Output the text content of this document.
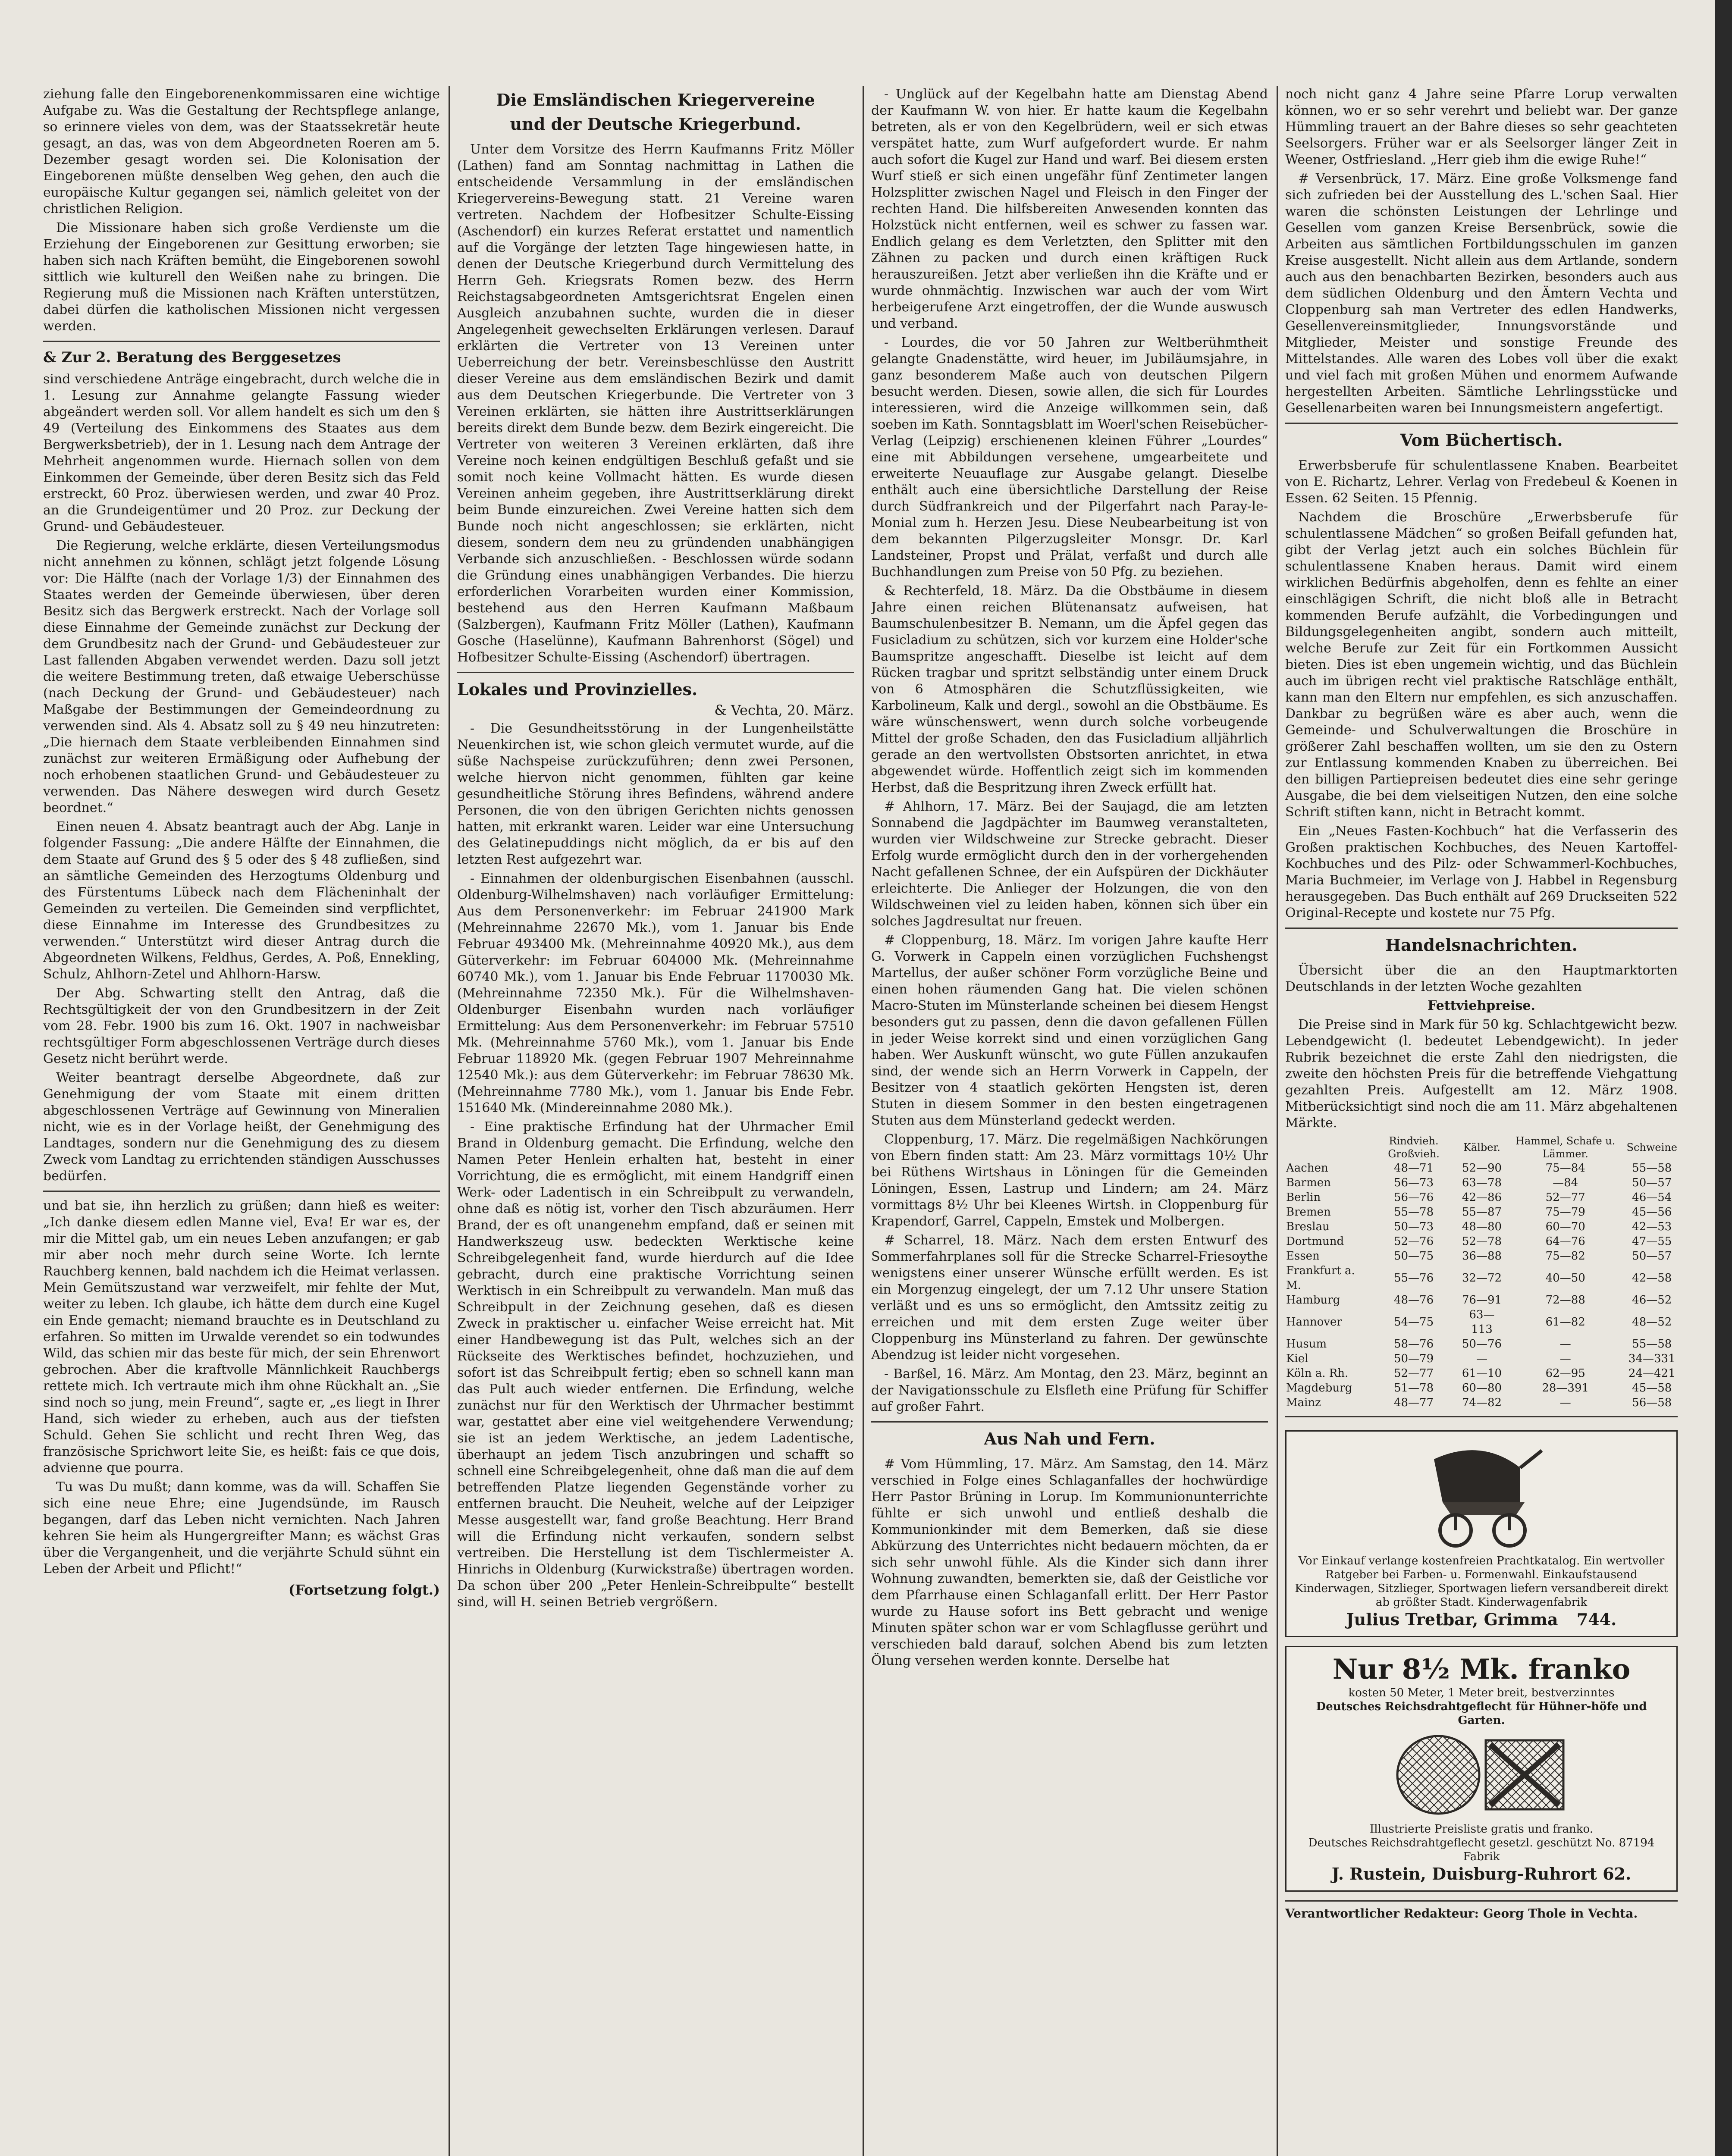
ziehung falle den Eingeborenenkommissaren eine wichtige Aufgabe zu. Was die Gestaltung der Rechtspflege anlange, so erinnere vieles von dem, was der Staatssekretär heute gesagt, an das, was von dem Abgeordneten Roeren am 5. Dezember gesagt worden sei. Die Kolonisation der Eingeborenen müßte denselben Weg gehen, den auch die europäische Kultur gegangen sei, nämlich geleitet von der christlichen Religion.

Die Missionare haben sich große Verdienste um die Erziehung der Eingeborenen zur Gesittung erworben; sie haben sich nach Kräften bemüht, die Eingeborenen sowohl sittlich wie kulturell den Weißen nahe zu bringen. Die Regierung muß die Missionen nach Kräften unterstützen, dabei dürfen die katholischen Missionen nicht vergessen werden.

& Zur 2. Beratung des Berggesetzes

sind verschiedene Anträge eingebracht, durch welche die in 1. Lesung zur Annahme gelangte Fassung wieder abgeändert werden soll. Vor allem handelt es sich um den § 49 (Verteilung des Einkommens des Staates aus dem Bergwerksbetrieb), der in 1. Lesung nach dem Antrage der Mehrheit angenommen wurde. Hiernach sollen von dem Einkommen der Gemeinde, über deren Besitz sich das Feld erstreckt, 60 Proz. überwiesen werden, und zwar 40 Proz. an die Grundeigentümer und 20 Proz. zur Deckung der Grund- und Gebäudesteuer.

Die Regierung, welche erklärte, diesen Verteilungsmodus nicht annehmen zu können, schlägt jetzt folgende Lösung vor: Die Hälfte (nach der Vorlage 1/3) der Einnahmen des Staates werden der Gemeinde überwiesen, über deren Besitz sich das Bergwerk erstreckt. Nach der Vorlage soll diese Einnahme der Gemeinde zunächst zur Deckung der dem Grundbesitz nach der Grund- und Gebäudesteuer zur Last fallenden Abgaben verwendet werden. Dazu soll jetzt die weitere Bestimmung treten, daß etwaige Ueberschüsse (nach Deckung der Grund- und Gebäudesteuer) nach Maßgabe der Bestimmungen der Gemeindeordnung zu verwenden sind. Als 4. Absatz soll zu § 49 neu hinzutreten: „Die hiernach dem Staate verbleibenden Einnahmen sind zunächst zur weiteren Ermäßigung oder Aufhebung der noch erhobenen staatlichen Grund- und Gebäudesteuer zu verwenden. Das Nähere deswegen wird durch Gesetz beordnet.“

Einen neuen 4. Absatz beantragt auch der Abg. Lanje in folgender Fassung: „Die andere Hälfte der Einnahmen, die dem Staate auf Grund des § 5 oder des § 48 zufließen, sind an sämtliche Gemeinden des Herzogtums Oldenburg und des Fürstentums Lübeck nach dem Flächeninhalt der Gemeinden zu verteilen. Die Gemeinden sind verpflichtet, diese Einnahme im Interesse des Grundbesitzes zu verwenden.“ Unterstützt wird dieser Antrag durch die Abgeordneten Wilkens, Feldhus, Gerdes, A. Poß, Ennekling, Schulz, Ahlhorn-Zetel und Ahlhorn-Harsw.

Der Abg. Schwarting stellt den Antrag, daß die Rechtsgültigkeit der von den Grundbesitzern in der Zeit vom 28. Febr. 1900 bis zum 16. Okt. 1907 in nachweisbar rechtsgültiger Form abgeschlossenen Verträge durch dieses Gesetz nicht berührt werde.

Weiter beantragt derselbe Abgeordnete, daß zur Genehmigung der vom Staate mit einem dritten abgeschlossenen Verträge auf Gewinnung von Mineralien nicht, wie es in der Vorlage heißt, der Genehmigung des Landtages, sondern nur die Genehmigung des zu diesem Zweck vom Landtag zu errichtenden ständigen Ausschusses bedürfen.

und bat sie, ihn herzlich zu grüßen; dann hieß es weiter: „Ich danke diesem edlen Manne viel, Eva! Er war es, der mir die Mittel gab, um ein neues Leben anzufangen; er gab mir aber noch mehr durch seine Worte. Ich lernte Rauchberg kennen, bald nachdem ich die Heimat verlassen. Mein Gemütszustand war verzweifelt, mir fehlte der Mut, weiter zu leben. Ich glaube, ich hätte dem durch eine Kugel ein Ende gemacht; niemand brauchte es in Deutschland zu erfahren. So mitten im Urwalde verendet so ein todwundes Wild, das schien mir das beste für mich, der sein Ehrenwort gebrochen. Aber die kraftvolle Männlichkeit Rauchbergs rettete mich. Ich vertraute mich ihm ohne Rückhalt an. „Sie sind noch so jung, mein Freund“, sagte er, „es liegt in Ihrer Hand, sich wieder zu erheben, auch aus der tiefsten Schuld. Gehen Sie schlicht und recht Ihren Weg, das französische Sprichwort leite Sie, es heißt: fais ce que dois, advienne que pourra.

Tu was Du mußt; dann komme, was da will. Schaffen Sie sich eine neue Ehre; eine Jugendsünde, im Rausch begangen, darf das Leben nicht vernichten. Nach Jahren kehren Sie heim als Hungergreifter Mann; es wächst Gras über die Vergangenheit, und die verjährte Schuld sühnt ein Leben der Arbeit und Pflicht!“

(Fortsetzung folgt.)
Die Emsländischen Kriegervereine
und der Deutsche Kriegerbund.

Unter dem Vorsitze des Herrn Kaufmanns Fritz Möller (Lathen) fand am Sonntag nachmittag in Lathen die entscheidende Versammlung in der emsländischen Kriegervereins-Bewegung statt. 21 Vereine waren vertreten. Nachdem der Hofbesitzer Schulte-Eissing (Aschendorf) ein kurzes Referat erstattet und namentlich auf die Vorgänge der letzten Tage hingewiesen hatte, in denen der Deutsche Kriegerbund durch Vermittelung des Herrn Geh. Kriegsrats Romen bezw. des Herrn Reichstagsabgeordneten Amtsgerichtsrat Engelen einen Ausgleich anzubahnen suchte, wurden die in dieser Angelegenheit gewechselten Erklärungen verlesen. Darauf erklärten die Vertreter von 13 Vereinen unter Ueberreichung der betr. Vereinsbeschlüsse den Austritt dieser Vereine aus dem emsländischen Bezirk und damit aus dem Deutschen Kriegerbunde. Die Vertreter von 3 Vereinen erklärten, sie hätten ihre Austrittserklärungen bereits direkt dem Bunde bezw. dem Bezirk eingereicht. Die Vertreter von weiteren 3 Vereinen erklärten, daß ihre Vereine noch keinen endgültigen Beschluß gefaßt und sie somit noch keine Vollmacht hätten. Es wurde diesen Vereinen anheim gegeben, ihre Austrittserklärung direkt beim Bunde einzureichen. Zwei Vereine hatten sich dem Bunde noch nicht angeschlossen; sie erklärten, nicht diesem, sondern dem neu zu gründenden unabhängigen Verbande sich anzuschließen. - Beschlossen würde sodann die Gründung eines unabhängigen Verbandes. Die hierzu erforderlichen Vorarbeiten wurden einer Kommission, bestehend aus den Herren Kaufmann Maßbaum (Salzbergen), Kaufmann Fritz Möller (Lathen), Kaufmann Gosche (Haselünne), Kaufmann Bahrenhorst (Sögel) und Hofbesitzer Schulte-Eissing (Aschendorf) übertragen.

Lokales und Provinzielles.
& Vechta, 20. März.

- Die Gesundheitsstörung in der Lungenheilstätte Neuenkirchen ist, wie schon gleich vermutet wurde, auf die süße Nachspeise zurückzuführen; denn zwei Personen, welche hiervon nicht genommen, fühlten gar keine gesundheitliche Störung ihres Befindens, während andere Personen, die von den übrigen Gerichten nichts genossen hatten, mit erkrankt waren. Leider war eine Untersuchung des Gelatinepuddings nicht möglich, da er bis auf den letzten Rest aufgezehrt war.

- Einnahmen der oldenburgischen Eisenbahnen (ausschl. Oldenburg-Wilhelmshaven) nach vorläufiger Ermittelung: Aus dem Personenverkehr: im Februar 241900 Mark (Mehreinnahme 22670 Mk.), vom 1. Januar bis Ende Februar 493400 Mk. (Mehreinnahme 40920 Mk.), aus dem Güterverkehr: im Februar 604000 Mk. (Mehreinnahme 60740 Mk.), vom 1. Januar bis Ende Februar 1170030 Mk. (Mehreinnahme 72350 Mk.). Für die Wilhelmshaven-Oldenburger Eisenbahn wurden nach vorläufiger Ermittelung: Aus dem Personenverkehr: im Februar 57510 Mk. (Mehreinnahme 5760 Mk.), vom 1. Januar bis Ende Februar 118920 Mk. (gegen Februar 1907 Mehreinnahme 12540 Mk.): aus dem Güterverkehr: im Februar 78630 Mk. (Mehreinnahme 7780 Mk.), vom 1. Januar bis Ende Febr. 151640 Mk. (Mindereinnahme 2080 Mk.).

- Eine praktische Erfindung hat der Uhrmacher Emil Brand in Oldenburg gemacht. Die Erfindung, welche den Namen Peter Henlein erhalten hat, besteht in einer Vorrichtung, die es ermöglicht, mit einem Handgriff einen Werk- oder Ladentisch in ein Schreibpult zu verwandeln, ohne daß es nötig ist, vorher den Tisch abzuräumen. Herr Brand, der es oft unangenehm empfand, daß er seinen mit Handwerkszeug usw. bedeckten Werktische keine Schreibgelegenheit fand, wurde hierdurch auf die Idee gebracht, durch eine praktische Vorrichtung seinen Werktisch in ein Schreibpult zu verwandeln. Man muß das Schreibpult in der Zeichnung gesehen, daß es diesen Zweck in praktischer u. einfacher Weise erreicht hat. Mit einer Handbewegung ist das Pult, welches sich an der Rückseite des Werktisches befindet, hochzuziehen, und sofort ist das Schreibpult fertig; eben so schnell kann man das Pult auch wieder entfernen. Die Erfindung, welche zunächst nur für den Werktisch der Uhrmacher bestimmt war, gestattet aber eine viel weitgehendere Verwendung; sie ist an jedem Werktische, an jedem Ladentische, überhaupt an jedem Tisch anzubringen und schafft so schnell eine Schreibgelegenheit, ohne daß man die auf dem betreffenden Platze liegenden Gegenstände vorher zu entfernen braucht. Die Neuheit, welche auf der Leipziger Messe ausgestellt war, fand große Beachtung. Herr Brand will die Erfindung nicht verkaufen, sondern selbst vertreiben. Die Herstellung ist dem Tischlermeister A. Hinrichs in Oldenburg (Kurwickstraße) übertragen worden. Da schon über 200 „Peter Henlein-Schreibpulte“ bestellt sind, will H. seinen Betrieb vergrößern.

- Unglück auf der Kegelbahn hatte am Dienstag Abend der Kaufmann W. von hier. Er hatte kaum die Kegelbahn betreten, als er von den Kegelbrüdern, weil er sich etwas verspätet hatte, zum Wurf aufgefordert wurde. Er nahm auch sofort die Kugel zur Hand und warf. Bei diesem ersten Wurf stieß er sich einen ungefähr fünf Zentimeter langen Holzsplitter zwischen Nagel und Fleisch in den Finger der rechten Hand. Die hilfsbereiten Anwesenden konnten das Holzstück nicht entfernen, weil es schwer zu fassen war. Endlich gelang es dem Verletzten, den Splitter mit den Zähnen zu packen und durch einen kräftigen Ruck herauszureißen. Jetzt aber verließen ihn die Kräfte und er wurde ohnmächtig. Inzwischen war auch der vom Wirt herbeigerufene Arzt eingetroffen, der die Wunde auswusch und verband.

- Lourdes, die vor 50 Jahren zur Weltberühmtheit gelangte Gnadenstätte, wird heuer, im Jubiläumsjahre, in ganz besonderem Maße auch von deutschen Pilgern besucht werden. Diesen, sowie allen, die sich für Lourdes interessieren, wird die Anzeige willkommen sein, daß soeben im Kath. Sonntagsblatt im Woerl'schen Reisebücher-Verlag (Leipzig) erschienenen kleinen Führer „Lourdes“ eine mit Abbildungen versehene, umgearbeitete und erweiterte Neuauflage zur Ausgabe gelangt. Dieselbe enthält auch eine übersichtliche Darstellung der Reise durch Südfrankreich und der Pilgerfahrt nach Paray-le-Monial zum h. Herzen Jesu. Diese Neubearbeitung ist von dem bekannten Pilgerzugsleiter Monsgr. Dr. Karl Landsteiner, Propst und Prälat, verfaßt und durch alle Buchhandlungen zum Preise von 50 Pfg. zu beziehen.

& Rechterfeld, 18. März. Da die Obstbäume in diesem Jahre einen reichen Blütenansatz aufweisen, hat Baumschulenbesitzer B. Nemann, um die Äpfel gegen das Fusicladium zu schützen, sich vor kurzem eine Holder'sche Baumspritze angeschafft. Dieselbe ist leicht auf dem Rücken tragbar und spritzt selbständig unter einem Druck von 6 Atmosphären die Schutzflüssigkeiten, wie Karbolineum, Kalk und dergl., sowohl an die Obstbäume. Es wäre wünschenswert, wenn durch solche vorbeugende Mittel der große Schaden, den das Fusicladium alljährlich gerade an den wertvollsten Obstsorten anrichtet, in etwa abgewendet würde. Hoffentlich zeigt sich im kommenden Herbst, daß die Bespritzung ihren Zweck erfüllt hat.

# Ahlhorn, 17. März. Bei der Saujagd, die am letzten Sonnabend die Jagdpächter im Baumweg veranstalteten, wurden vier Wildschweine zur Strecke gebracht. Dieser Erfolg wurde ermöglicht durch den in der vorhergehenden Nacht gefallenen Schnee, der ein Aufspüren der Dickhäuter erleichterte. Die Anlieger der Holzungen, die von den Wildschweinen viel zu leiden haben, können sich über ein solches Jagdresultat nur freuen.

# Cloppenburg, 18. März. Im vorigen Jahre kaufte Herr G. Vorwerk in Cappeln einen vorzüglichen Fuchshengst Martellus, der außer schöner Form vorzügliche Beine und einen hohen räumenden Gang hat. Die vielen schönen Macro-Stuten im Münsterlande scheinen bei diesem Hengst besonders gut zu passen, denn die davon gefallenen Füllen in jeder Weise korrekt sind und einen vorzüglichen Gang haben. Wer Auskunft wünscht, wo gute Füllen anzukaufen sind, der wende sich an Herrn Vorwerk in Cappeln, der Besitzer von 4 staatlich gekörten Hengsten ist, deren Stuten in diesem Sommer in den besten eingetragenen Stuten aus dem Münsterland gedeckt werden.

Cloppenburg, 17. März. Die regelmäßigen Nachkörungen von Ebern finden statt: Am 23. März vormittags 10½ Uhr bei Rüthens Wirtshaus in Löningen für die Gemeinden Löningen, Essen, Lastrup und Lindern; am 24. März vormittags 8½ Uhr bei Kleenes Wirtsh. in Cloppenburg für Krapendorf, Garrel, Cappeln, Emstek und Molbergen.

# Scharrel, 18. März. Nach dem ersten Entwurf des Sommerfahrplanes soll für die Strecke Scharrel-Friesoythe wenigstens einer unserer Wünsche erfüllt werden. Es ist ein Morgenzug eingelegt, der um 7.12 Uhr unsere Station verläßt und es uns so ermöglicht, den Amtssitz zeitig zu erreichen und mit dem ersten Zuge weiter über Cloppenburg ins Münsterland zu fahren. Der gewünschte Abendzug ist leider nicht vorgesehen.

- Barßel, 16. März. Am Montag, den 23. März, beginnt an der Navigationsschule zu Elsfleth eine Prüfung für Schiffer auf großer Fahrt.

Aus Nah und Fern.

# Vom Hümmling, 17. März. Am Samstag, den 14. März verschied in Folge eines Schlaganfalles der hochwürdige Herr Pastor Brüning in Lorup. Im Kommunionunterrichte fühlte er sich unwohl und entließ deshalb die Kommunionkinder mit dem Bemerken, daß sie diese Abkürzung des Unterrichtes nicht bedauern möchten, da er sich sehr unwohl fühle. Als die Kinder sich dann ihrer Wohnung zuwandten, bemerkten sie, daß der Geistliche vor dem Pfarrhause einen Schlaganfall erlitt. Der Herr Pastor wurde zu Hause sofort ins Bett gebracht und wenige Minuten später schon war er vom Schlagflusse gerührt und verschieden bald darauf, solchen Abend bis zum letzten Ölung versehen werden konnte. Derselbe hat

noch nicht ganz 4 Jahre seine Pfarre Lorup verwalten können, wo er so sehr verehrt und beliebt war. Der ganze Hümmling trauert an der Bahre dieses so sehr geachteten Seelsorgers. Früher war er als Seelsorger länger Zeit in Weener, Ostfriesland. „Herr gieb ihm die ewige Ruhe!“

# Versenbrück, 17. März. Eine große Volksmenge fand sich zufrieden bei der Ausstellung des L.'schen Saal. Hier waren die schönsten Leistungen der Lehrlinge und Gesellen vom ganzen Kreise Bersenbrück, sowie die Arbeiten aus sämtlichen Fortbildungsschulen im ganzen Kreise ausgestellt. Nicht allein aus dem Artlande, sondern auch aus den benachbarten Bezirken, besonders auch aus dem südlichen Oldenburg und den Ämtern Vechta und Cloppenburg sah man Vertreter des edlen Handwerks, Gesellenvereinsmitglieder, Innungsvorstände und Mitglieder, Meister und sonstige Freunde des Mittelstandes. Alle waren des Lobes voll über die exakt und viel fach mit großen Mühen und enormem Aufwande hergestellten Arbeiten. Sämtliche Lehrlingsstücke und Gesellenarbeiten waren bei Innungsmeistern angefertigt.

Vom Büchertisch.

Erwerbsberufe für schulentlassene Knaben. Bearbeitet von E. Richartz, Lehrer. Verlag von Fredebeul & Koenen in Essen. 62 Seiten. 15 Pfennig.

Nachdem die Broschüre „Erwerbsberufe für schulentlassene Mädchen“ so großen Beifall gefunden hat, gibt der Verlag jetzt auch ein solches Büchlein für schulentlassene Knaben heraus. Damit wird einem wirklichen Bedürfnis abgeholfen, denn es fehlte an einer einschlägigen Schrift, die nicht bloß alle in Betracht kommenden Berufe aufzählt, die Vorbedingungen und Bildungsgelegenheiten angibt, sondern auch mitteilt, welche Berufe zur Zeit für ein Fortkommen Aussicht bieten. Dies ist eben ungemein wichtig, und das Büchlein auch im übrigen recht viel praktische Ratschläge enthält, kann man den Eltern nur empfehlen, es sich anzuschaffen. Dankbar zu begrüßen wäre es aber auch, wenn die Gemeinde- und Schulverwaltungen die Broschüre in größerer Zahl beschaffen wollten, um sie den zu Ostern zur Entlassung kommenden Knaben zu überreichen. Bei den billigen Partiepreisen bedeutet dies eine sehr geringe Ausgabe, die bei dem vielseitigen Nutzen, den eine solche Schrift stiften kann, nicht in Betracht kommt.

Ein „Neues Fasten-Kochbuch“ hat die Verfasserin des Großen praktischen Kochbuches, des Neuen Kartoffel-Kochbuches und des Pilz- oder Schwammerl-Kochbuches, Maria Buchmeier, im Verlage von J. Habbel in Regensburg herausgegeben. Das Buch enthält auf 269 Druckseiten 522 Original-Recepte und kostete nur 75 Pfg.

Handelsnachrichten.

Übersicht über die an den Hauptmarktorten Deutschlands in der letzten Woche gezahlten

Fettviehpreise.

Die Preise sind in Mark für 50 kg. Schlachtgewicht bezw. Lebendgewicht (l. bedeutet Lebendgewicht). In jeder Rubrik bezeichnet die erste Zahl den niedrigsten, die zweite den höchsten Preis für die betreffende Viehgattung gezahlten Preis. Aufgestellt am 12. März 1908. Mitberücksichtigt sind noch die am 11. März abgehaltenen Märkte.

	Rindvieh. Großvieh.	Kälber.	Hammel, Schafe u. Lämmer.	Schweine
Aachen	48—71	52—90	75—84	55—58
Barmen	56—73	63—78	—84	50—57
Berlin	56—76	42—86	52—77	46—54
Bremen	55—78	55—87	75—79	45—56
Breslau	50—73	48—80	60—70	42—53
Dortmund	52—76	52—78	64—76	47—55
Essen	50—75	36—88	75—82	50—57
Frankfurt a. M.	55—76	32—72	40—50	42—58
Hamburg	48—76	76—91	72—88	46—52
Hannover	54—75	63—113	61—82	48—52
Husum	58—76	50—76	—	55—58
Kiel	50—79	—	—	34—331
Köln a. Rh.	52—77	61—10	62—95	24—421
Magdeburg	51—78	60—80	28—391	45—58
Mainz	48—77	74—82	—	56—58
Vor Einkauf verlange kostenfreien Prachtkatalog. Ein wertvoller Ratgeber bei Farben- u. Formenwahl. Einkaufstausend Kinderwagen, Sitzlieger, Sportwagen liefern versandbereit direkt ab größter Stadt. Kinderwagenfabrik
Julius Tretbar, Grimma 744.
Nur 8½ Mk. franko
kosten 50 Meter, 1 Meter breit, bestverzinntes
Deutsches Reichsdrahtgeflecht für Hühner-höfe und Garten.
Illustrierte Preisliste gratis und franko.
Deutsches Reichsdrahtgeflecht gesetzl. geschützt No. 87194 Fabrik
J. Rustein, Duisburg-Ruhrort 62.
Verantwortlicher Redakteur: Georg Thole in Vechta.
